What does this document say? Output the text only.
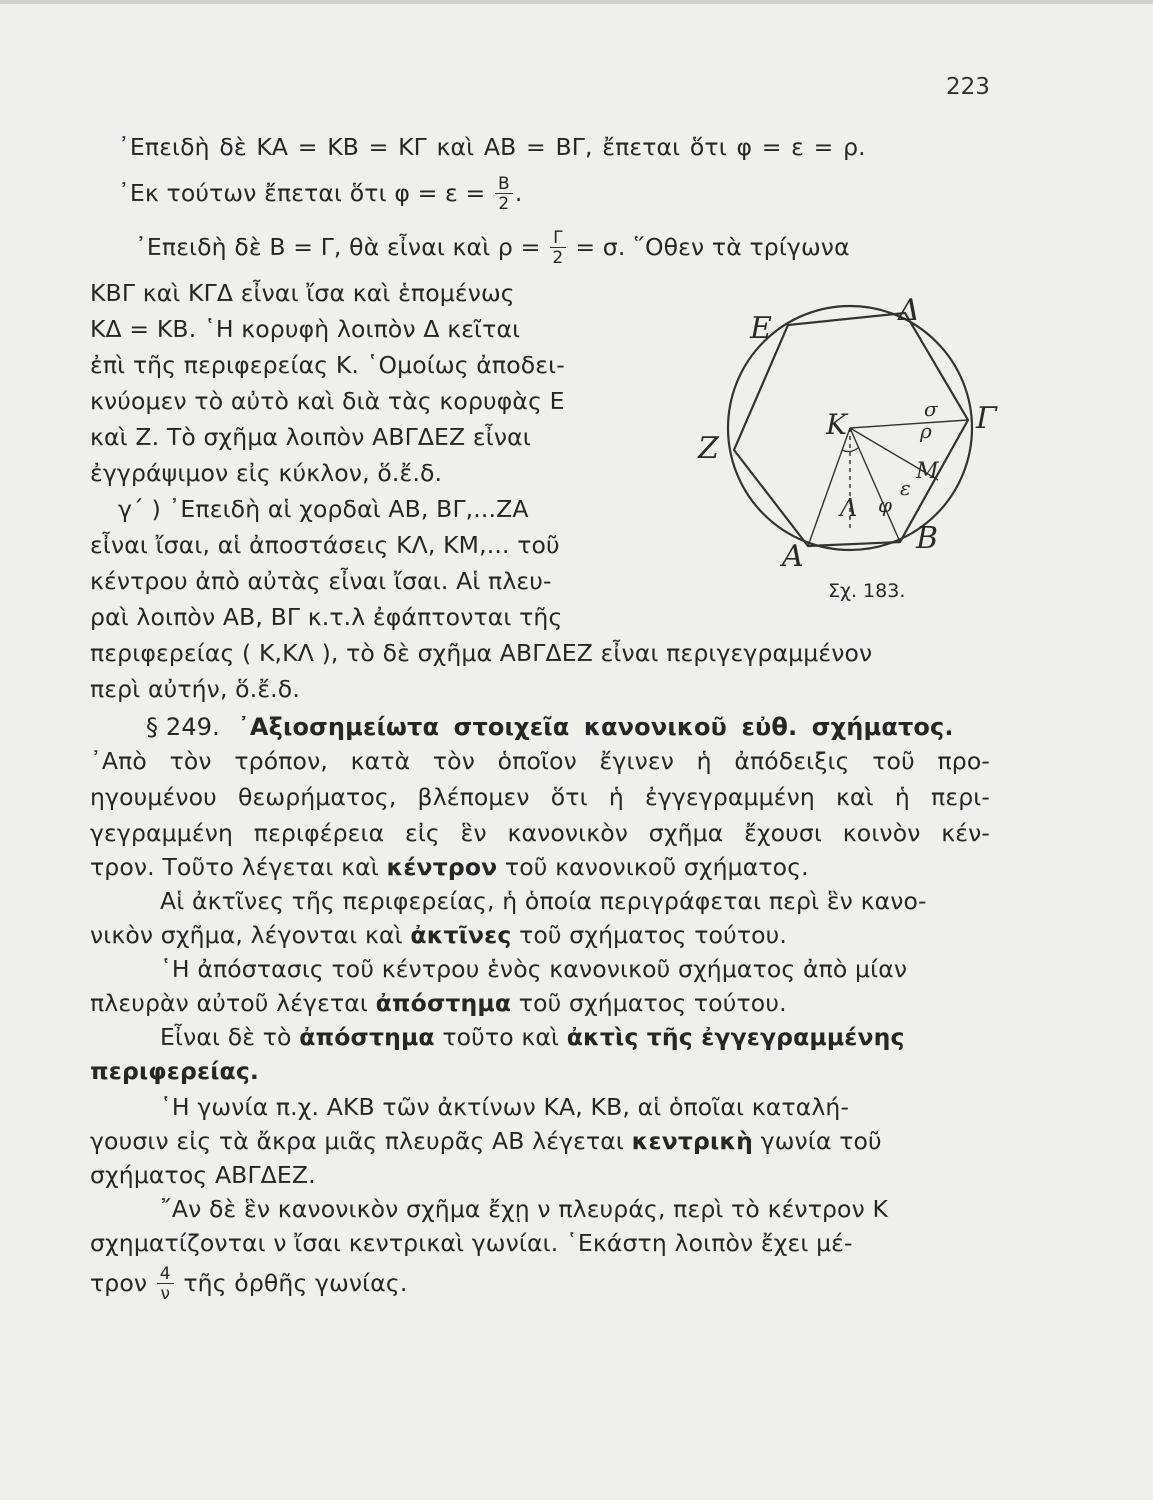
223
᾿Επειδὴ δὲ ΚΑ = ΚΒ = ΚΓ καὶ ΑΒ = ΒΓ, ἔπεται ὅτι φ = ε = ρ.
᾿Εκ τούτων ἔπεται ὅτι $\varphi = \varepsilon = \frac{B}{2}$ .
᾿Επειδὴ δὲ Β = Γ, θὰ εἶναι καὶ $\rho = \frac{\Gamma}{2} = \sigma$. ῞Οθεν τὰ τρίγωνα
ΚΒΓ καὶ ΚΓΔ εἶναι ἴσα καὶ ἑπομένως
ΚΔ = ΚΒ. ῾Η κορυφὴ λοιπὸν Δ κεῖται
ἐπὶ τῆς περιφερείας Κ. ῾Ομοίως ἀποδει-
κνύομεν τὸ αὐτὸ καὶ διὰ τὰς κορυφὰς Ε
καὶ Ζ. Τὸ σχῆμα λοιπὸν ΑΒΓΔΕΖ εἶναι
ἐγγράψιμον εἰς κύκλον, ὅ.ἔ.δ.
γ΄ ) ᾿Επειδὴ αἱ χορδαὶ ΑΒ, ΒΓ,...ΖΑ
εἶναι ἴσαι, αἱ ἀποστάσεις ΚΛ, ΚΜ,... τοῦ
κέντρου ἀπὸ αὐτὰς εἶναι ἴσαι. Αἱ πλευ-
ραὶ λοιπὸν ΑΒ, ΒΓ κ.τ.λ ἐφάπτονται τῆς
περιφερείας ( Κ,ΚΛ ), τὸ δὲ σχῆμα ΑΒΓΔΕΖ εἶναι περιγεγραμμένον
περὶ αὐτήν, ὅ.ἔ.δ.
Ε
Δ
Γ
Ζ
Κ
Α
Β
Λ
Μ
σ
ρ
ε
φ
Σχ. 183.
§ 249. ᾿Αξιοσημείωτα στοιχεῖα κανονικοῦ εὐθ. σχήματος.
᾿Απὸ τὸν τρόπον, κατὰ τὸν ὁποῖον ἔγινεν ἡ ἀπόδειξις τοῦ προ-
ηγουμένου θεωρήματος, βλέπομεν ὅτι ἡ ἐγγεγραμμένη καὶ ἡ περι-
γεγραμμένη περιφέρεια εἰς ἓν κανονικὸν σχῆμα ἔχουσι κοινὸν κέν-
τρον. Τοῦτο λέγεται καὶ κέντρον τοῦ κανονικοῦ σχήματος.
Αἱ ἀκτῖνες τῆς περιφερείας, ἡ ὁποία περιγράφεται περὶ ἓν κανο-
νικὸν σχῆμα, λέγονται καὶ ἀκτῖνες τοῦ σχήματος τούτου.
῾Η ἀπόστασις τοῦ κέντρου ἑνὸς κανονικοῦ σχήματος ἀπὸ μίαν
πλευρὰν αὐτοῦ λέγεται ἀπόστημα τοῦ σχήματος τούτου.
Εἶναι δὲ τὸ ἀπόστημα τοῦτο καὶ ἀκτὶς τῆς ἐγγεγραμμένης
περιφερείας.
῾Η γωνία π.χ. ΑΚΒ τῶν ἀκτίνων ΚΑ, ΚΒ, αἱ ὁποῖαι καταλή-
γουσιν εἰς τὰ ἄκρα μιᾶς πλευρᾶς ΑΒ λέγεται κεντρικὴ γωνία τοῦ
σχήματος ΑΒΓΔΕΖ.
῎Αν δὲ ἓν κανονικὸν σχῆμα ἔχῃ ν πλευράς, περὶ τὸ κέντρον Κ
σχηματίζονται ν ἴσαι κεντρικαὶ γωνίαι. ῾Εκάστη λοιπὸν ἔχει μέ-
τρον $\frac{4}{\nu}$ τῆς ὀρθῆς γωνίας.
